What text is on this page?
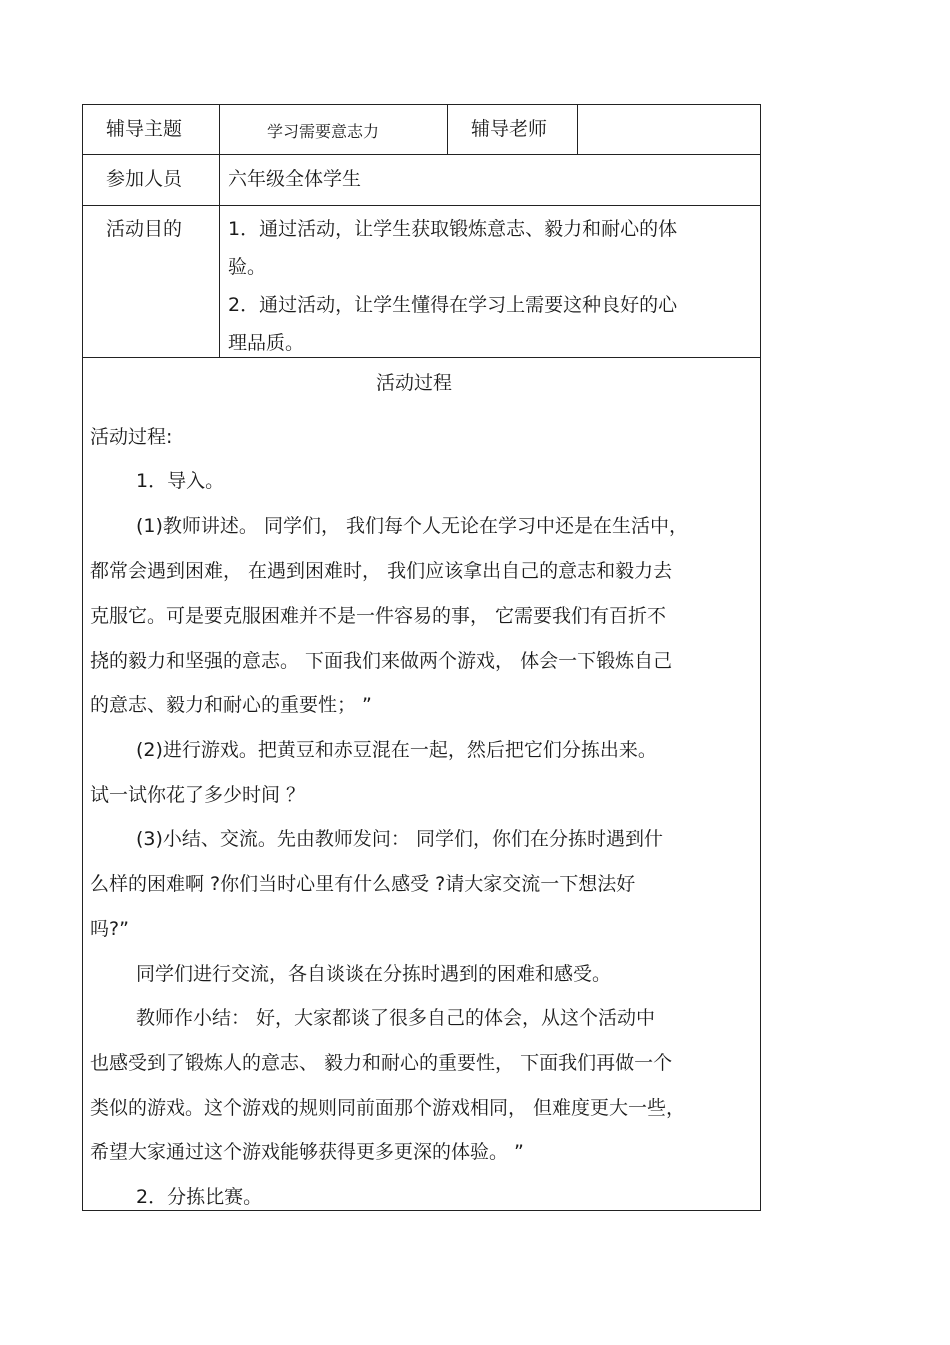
辅导主题	学习需要意志力	辅导老师
参加人员 六年级全体学生
活动目的 1．通过活动，让学生获取锻炼意志、毅力和耐心的体
验。
2．通过活动，让学生懂得在学习上需要这种良好的心
理品质。
活动过程
活动过程:
1．导入。
(1)教师讲述。 同学们， 我们每个人无论在学习中还是在生活中，
都常会遇到困难， 在遇到困难时， 我们应该拿出自己的意志和毅力去
克服它。可是要克服困难并不是一件容易的事， 它需要我们有百折不
挠的毅力和坚强的意志。 下面我们来做两个游戏， 体会一下锻炼自己
的意志、毅力和耐心的重要性； ”
(2)进行游戏。把黄豆和赤豆混在一起，然后把它们分拣出来。
试一试你花了多少时间 ？
(3)小结、交流。先由教师发问： 同学们，你们在分拣时遇到什
么样的困难啊 ?你们当时心里有什么感受 ?请大家交流一下想法好
吗?”
同学们进行交流，各自谈谈在分拣时遇到的困难和感受。
教师作小结： 好，大家都谈了很多自己的体会，从这个活动中
也感受到了锻炼人的意志、 毅力和耐心的重要性， 下面我们再做一个
类似的游戏。这个游戏的规则同前面那个游戏相同， 但难度更大一些，
希望大家通过这个游戏能够获得更多更深的体验。 ”
2．分拣比赛。
